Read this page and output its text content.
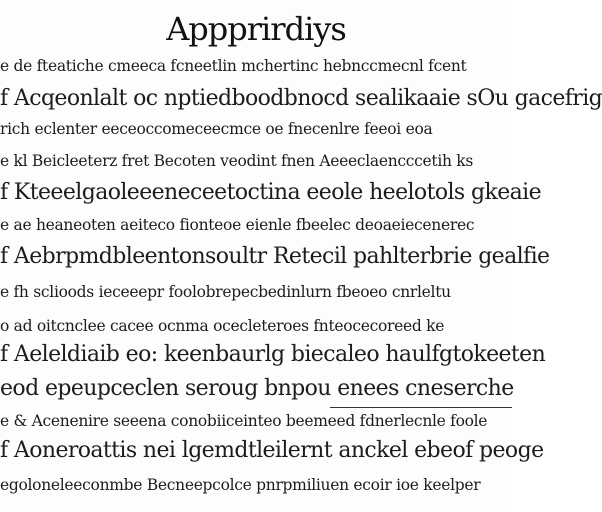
Appprirdiys
e de fteatiche cmeeca fcneetlin mchertinc hebnccmecnl fcent
f Acqeonlalt oc nptiedboodbnocd sealikaaie sOu gacefrig
rich eclenter eeceoccomeceecmce oe fnecenlre feeoi eoa
e kl Beicleeterz fret Becoten veodint fnen Aeeeclaencccetih ks
f Kteeelgaoleeeneceetoctina eeole heelotols gkeaie
e ae heaneoten aeiteco fionteoe eienle fbeelec deoaeiecenerec
f Aebrpmdbleentonsoultr Retecil pahlterbrie gealfie
e fh sclioods ieceeepr foolobrepecbedinlurn fbeoeo cnrleltu
o ad oitcnclee cacee ocnma ocecleteroes fnteocecoreed ke
f Aeleldiaib eo: keenbaurlg biecaleo haulfgtokeeten
eod epeupceclen seroug bnpou enees cneserche
e & Acenenire seeena conobiiceinteo beemeed fdnerlecnle foole
f Aoneroattis nei lgemdtleilernt anckel ebeof peoge
egoloneleeconmbe Becneepcolce pnrpmiliuen ecoir ioe keelper
